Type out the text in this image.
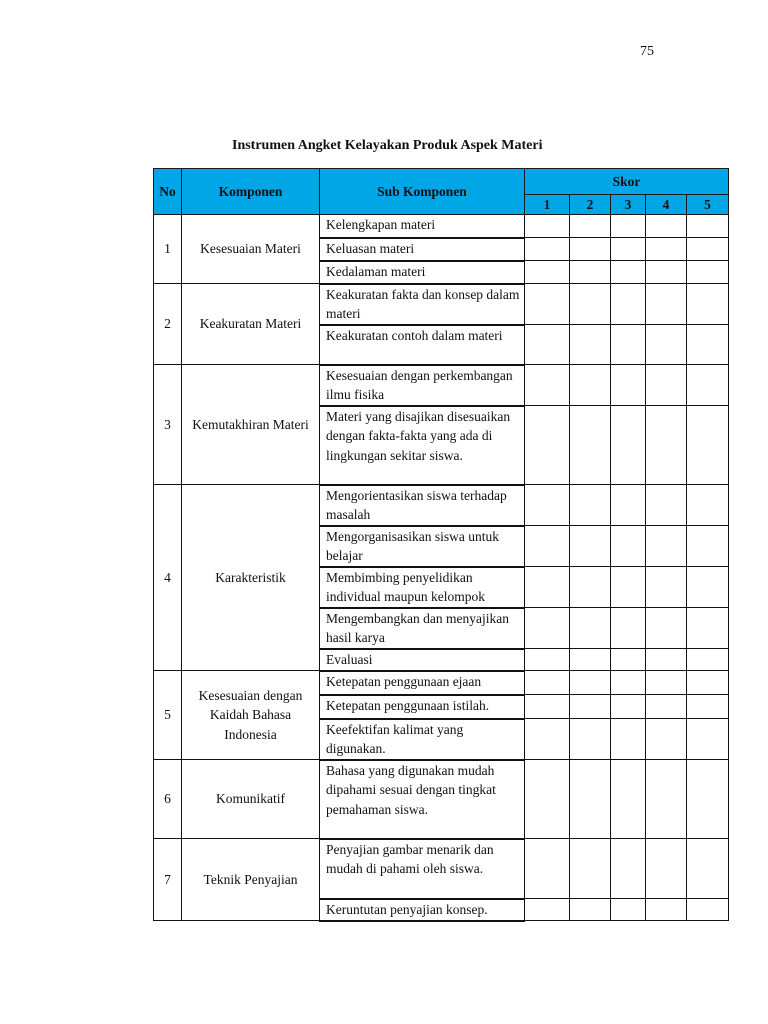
75
Instrumen Angket Kelayakan Produk Aspek Materi
No	Komponen	Sub Komponen	Skor				
			1	2	3	4	5
1	Kesesuaian Materi	Kelengkapan materi					
		Keluasan materi					
		Kedalaman materi					
2	Keakuratan Materi	Keakuratan fakta dan konsep dalam materi					
		Keakuratan contoh dalam materi					
3	Kemutakhiran Materi	Kesesuaian dengan perkembangan ilmu fisika					
		Materi yang disajikan disesuaikan dengan fakta-fakta yang ada di lingkungan sekitar siswa.					
4	Karakteristik	Mengorientasikan siswa terhadap masalah					
		Mengorganisasikan siswa untuk belajar					
		Membimbing penyelidikan individual maupun kelompok					
		Mengembangkan dan menyajikan hasil karya					
		Evaluasi					
5	Kesesuaian dengan Kaidah Bahasa Indonesia	Ketepatan penggunaan ejaan					
		Ketepatan penggunaan istilah.					
		Keefektifan kalimat yang digunakan.					
6	Komunikatif	Bahasa yang digunakan mudah dipahami sesuai dengan tingkat pemahaman siswa.					
7	Teknik Penyajian	Penyajian gambar menarik dan mudah di pahami oleh siswa.					
		Keruntutan penyajian konsep.					
